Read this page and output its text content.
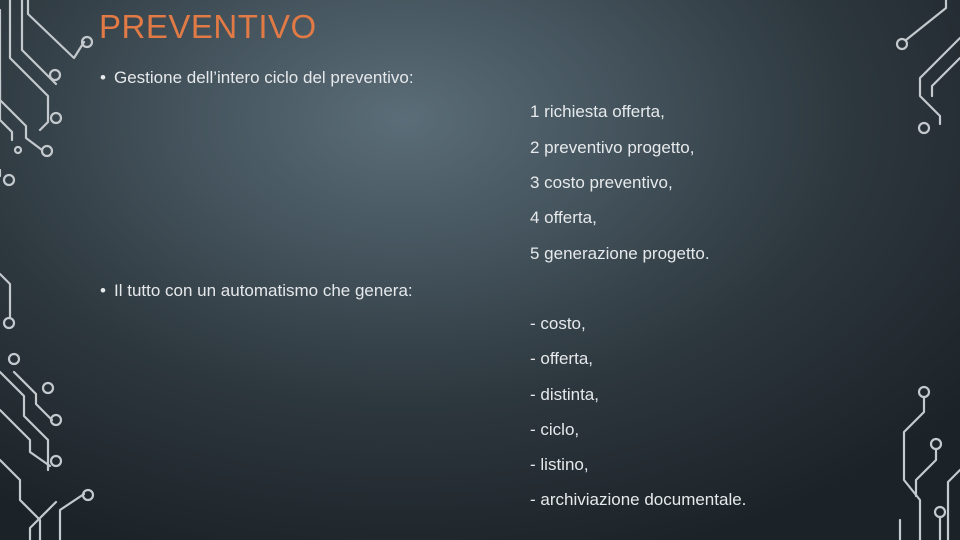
PREVENTIVO
• Gestione dell’intero ciclo del preventivo:
1 richiesta offerta,
2 preventivo progetto,
3 costo preventivo,
4 offerta,
5 generazione progetto.
• Il tutto con un automatismo che genera:
- costo,
- offerta,
- distinta,
- ciclo,
- listino,
- archiviazione documentale.
